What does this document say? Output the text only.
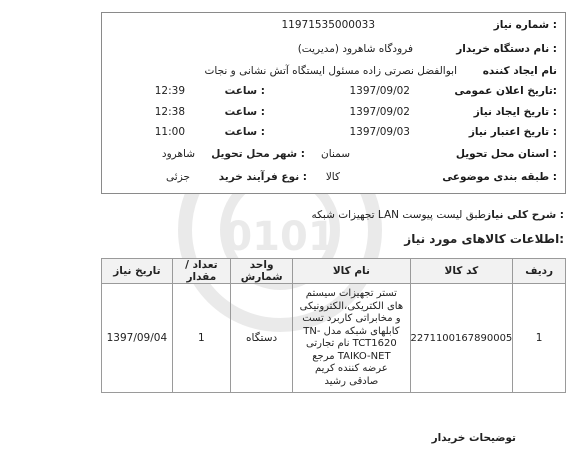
0101
شماره نیاز :
11971535000033
نام دستگاه خریدار :
فرودگاه شاهرود (مدیریت)
نام ایجاد کننده
ابوالفضل نصرتی زاده مسئول ایستگاه آتش نشانی و نجات
تاریخ اعلان عمومی:
1397/09/02
ساعت :
12:39
تاریخ ایجاد نیاز :
1397/09/02
ساعت :
12:38
تاریخ اعتبار نیاز :
1397/09/03
ساعت :
11:00
استان محل تحویل :
سمنان
شهر محل تحویل :
شاهرود
طبقه بندی موضوعی :
کالا
نوع فرآیند خرید :
جزئی
شرح کلی نیاز :
تجهیزات شبکه LAN طبق لیست پیوست
اطلاعات کالاهای مورد نیاز:
ردیف	کد کالا	نام کالا	واحد شمارش	تعداد / مقدار	تاریخ نیاز
1	2271100167890005	تستر تجهیزات سیستم های الکتریکی،الکترونیکی و مخابراتی کاربرد تست کابلهای شبکه مدل TN-TCT1620 نام تجارتی TAIKO-NET مرجع عرضه کننده کریم صادقی رشید	دستگاه	1	1397/09/04
توضیحات خریدار
